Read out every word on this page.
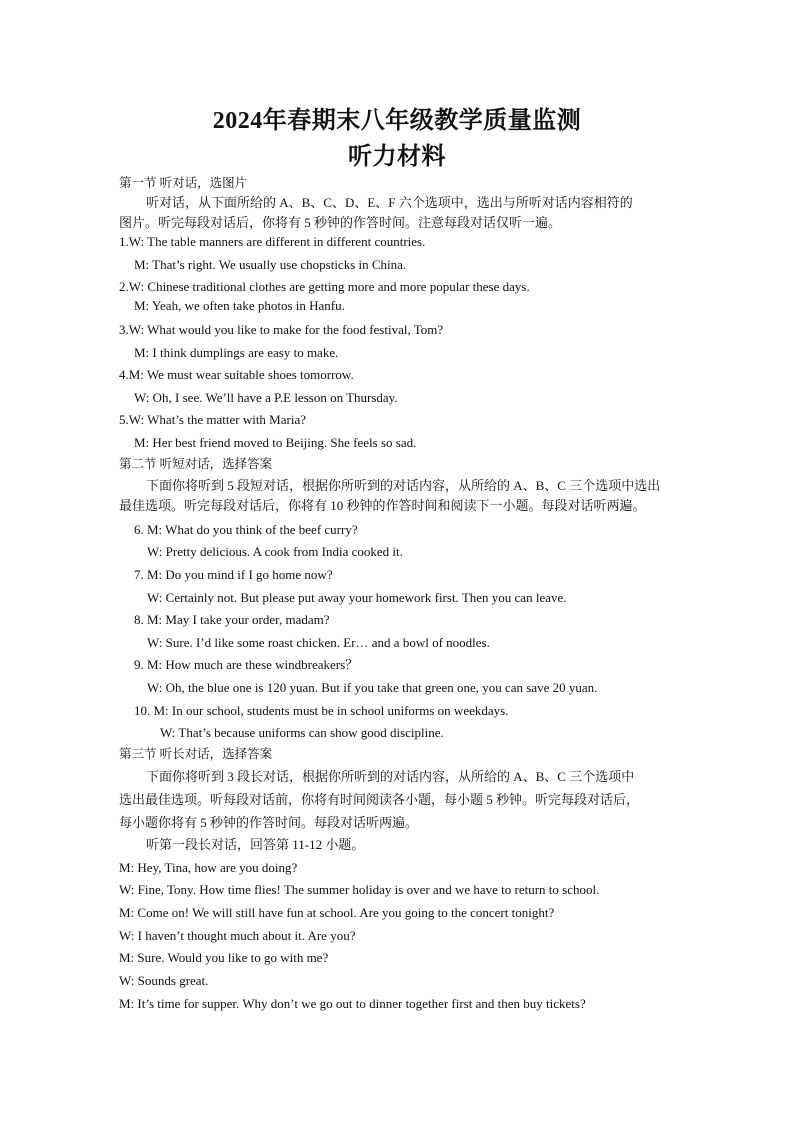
2024年春期末八年级教学质量监测
听力材料
第一节 听对话，选图片
听对话，从下面所给的 A、B、C、D、E、F 六个选项中，选出与所听对话内容相符的
图片。听完每段对话后，你将有 5 秒钟的作答时间。注意每段对话仅听一遍。
1.W: The table manners are different in different countries.
M: That’s right. We usually use chopsticks in China.
2.W: Chinese traditional clothes are getting more and more popular these days.
M: Yeah, we often take photos in Hanfu.
3.W: What would you like to make for the food festival, Tom?
M: I think dumplings are easy to make.
4.M: We must wear suitable shoes tomorrow.
W: Oh, I see. We’ll have a P.E lesson on Thursday.
5.W: What’s the matter with Maria?
M: Her best friend moved to Beijing. She feels so sad.
第二节 听短对话，选择答案
下面你将听到 5 段短对话，根据你所听到的对话内容，从所给的 A、B、C 三个选项中选出
最佳选项。听完每段对话后，你将有 10 秒钟的作答时间和阅读下一小题。每段对话听两遍。
6. M: What do you think of the beef curry?
W: Pretty delicious. A cook from India cooked it.
7. M: Do you mind if I go home now?
W: Certainly not. But please put away your homework first. Then you can leave.
8. M: May I take your order, madam?
W: Sure. I’d like some roast chicken. Er… and a bowl of noodles.
9. M: How much are these windbreakers？
W: Oh, the blue one is 120 yuan. But if you take that green one, you can save 20 yuan.
10. M: In our school, students must be in school uniforms on weekdays.
W: That’s because uniforms can show good discipline.
第三节 听长对话，选择答案
下面你将听到 3 段长对话，根据你所听到的对话内容，从所给的 A、B、C 三个选项中
选出最佳选项。听每段对话前，你将有时间阅读各小题，每小题 5 秒钟。听完每段对话后，
每小题你将有 5 秒钟的作答时间。每段对话听两遍。
听第一段长对话，回答第 11-12 小题。
M: Hey, Tina, how are you doing?
W: Fine, Tony. How time flies! The summer holiday is over and we have to return to school.
M: Come on! We will still have fun at school. Are you going to the concert tonight?
W: I haven’t thought much about it. Are you?
M: Sure. Would you like to go with me?
W: Sounds great.
M: It’s time for supper. Why don’t we go out to dinner together first and then buy tickets?
